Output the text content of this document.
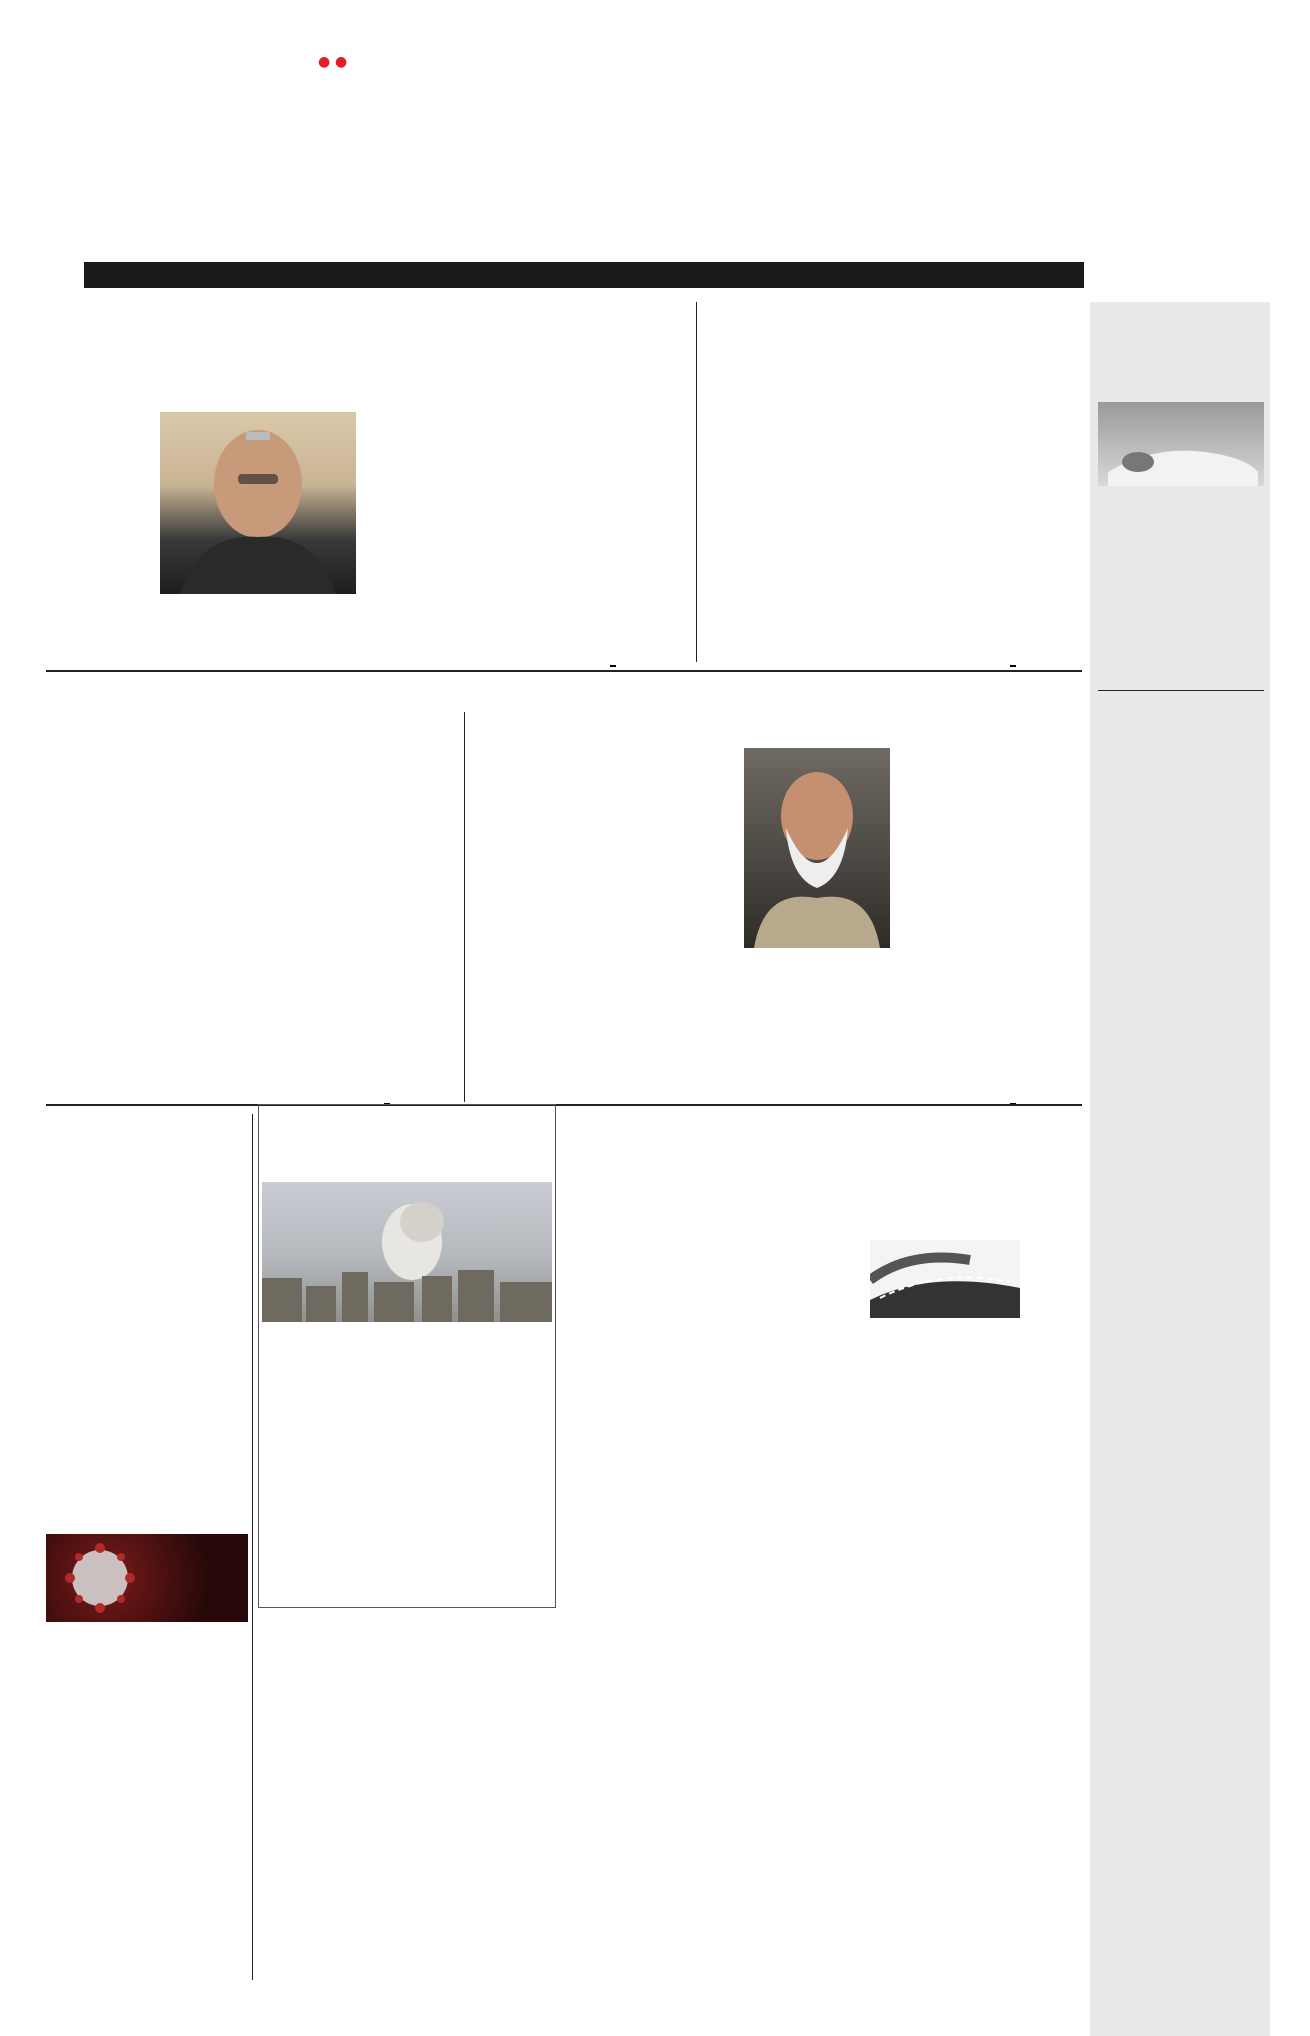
● ●
